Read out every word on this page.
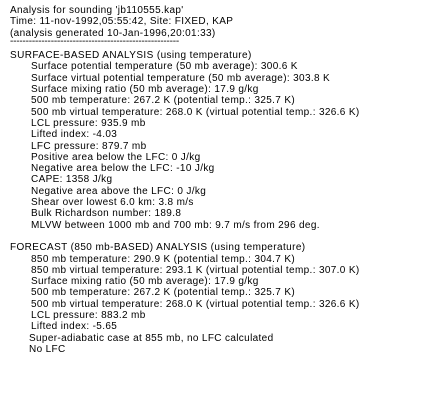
Analysis for sounding 'jb110555.kap'
Time: 11-nov-1992,05:55:42, Site: FIXED, KAP
(analysis generated 10-Jan-1996,20:01:33)
------------------------------------------------------
SURFACE-BASED ANALYSIS (using temperature)
Surface potential temperature (50 mb average): 300.6 K
Surface virtual potential temperature (50 mb average): 303.8 K
Surface mixing ratio (50 mb average): 17.9 g/kg
500 mb temperature: 267.2 K (potential temp.: 325.7 K)
500 mb virtual temperature: 268.0 K (virtual potential temp.: 326.6 K)
LCL pressure: 935.9 mb
Lifted index: -4.03
LFC pressure: 879.7 mb
Positive area below the LFC: 0 J/kg
Negative area below the LFC: -10 J/kg
CAPE: 1358 J/kg
Negative area above the LFC: 0 J/kg
Shear over lowest 6.0 km: 3.8 m/s
Bulk Richardson number: 189.8
MLVW between 1000 mb and 700 mb: 9.7 m/s from 296 deg.
FORECAST (850 mb-BASED) ANALYSIS (using temperature)
850 mb temperature: 290.9 K (potential temp.: 304.7 K)
850 mb virtual temperature: 293.1 K (virtual potential temp.: 307.0 K)
Surface mixing ratio (50 mb average): 17.9 g/kg
500 mb temperature: 267.2 K (potential temp.: 325.7 K)
500 mb virtual temperature: 268.0 K (virtual potential temp.: 326.6 K)
LCL pressure: 883.2 mb
Lifted index: -5.65
Super-adiabatic case at 855 mb, no LFC calculated
No LFC
